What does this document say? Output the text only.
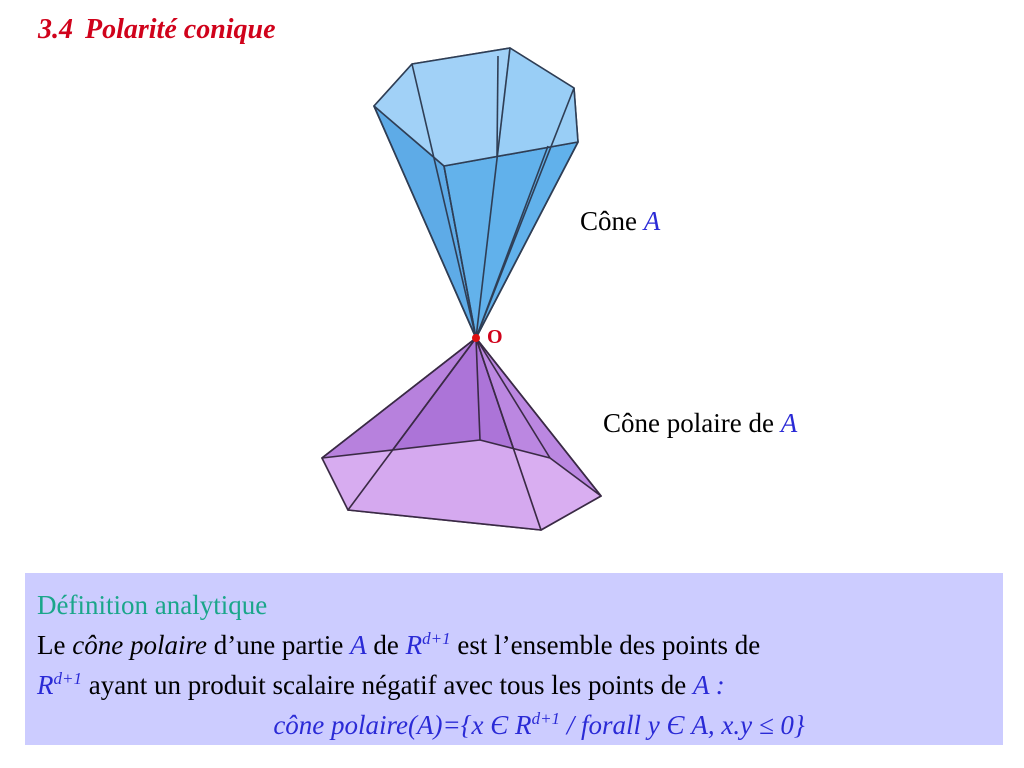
3.4 Polarité conique
O
Cône A
Cône polaire de A
Définition analytique
Le cône polaire d’une partie A de $R^{d+1}$ est l’ensemble des points de
$R^{d+1}$ ayant un produit scalaire négatif avec tous les points de A :
cône polaire(A)={x Є $R^{d+1}$ / forall y Є A, x.y ≤ 0}
